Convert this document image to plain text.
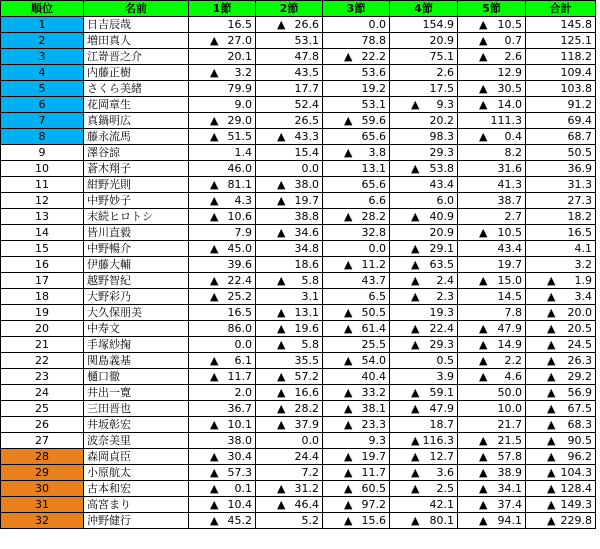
順位	名前	1節	2節	3節	4節	5節	合計
1	日吉辰哉	16.5	▲ 26.6	0.0	154.9	▲ 10.5	145.8
2	増田真人	▲ 27.0	53.1	78.8	20.9	▲ 0.7	125.1
3	江嵜晋之介	20.1	47.8	▲ 22.2	75.1	▲ 2.6	118.2
4	内藤正樹	▲ 3.2	43.5	53.6	2.6	12.9	109.4
5	さくら美緒	79.9	17.7	19.2	17.5	▲ 30.5	103.8
6	花岡章生	9.0	52.4	53.1	▲ 9.3	▲ 14.0	91.2
7	真鍋明広	▲ 29.0	26.5	▲ 59.6	20.2	111.3	69.4
8	藤永流馬	▲ 51.5	▲ 43.3	65.6	98.3	▲ 0.4	68.7
9	澤谷諒	1.4	15.4	▲ 3.8	29.3	8.2	50.5
10	蒼木翔子	46.0	0.0	13.1	▲ 53.8	31.6	36.9
11	紺野光則	▲ 81.1	▲ 38.0	65.6	43.4	41.3	31.3
12	中野妙子	▲ 4.3	▲ 19.7	6.6	6.0	38.7	27.3
13	末続ヒロトシ	▲ 10.6	38.8	▲ 28.2	▲ 40.9	2.7	18.2
14	皆川直毅	7.9	▲ 34.6	32.8	20.9	▲ 10.5	16.5
15	中野暢介	▲ 45.0	34.8	0.0	▲ 29.1	43.4	4.1
16	伊藤大輔	39.6	18.6	▲ 11.2	▲ 63.5	19.7	3.2
17	越野智紀	▲ 22.4	▲ 5.8	43.7	▲ 2.4	▲ 15.0	▲ 1.9
18	大野彩乃	▲ 25.2	3.1	6.5	▲ 2.3	14.5	▲ 3.4
19	大久保朋美	16.5	▲ 13.1	▲ 50.5	19.3	7.8	▲ 20.0
20	中寿文	86.0	▲ 19.6	▲ 61.4	▲ 22.4	▲ 47.9	▲ 20.5
21	手塚紗掬	0.0	▲ 5.8	25.5	▲ 29.3	▲ 14.9	▲ 24.5
22	関島義基	▲ 6.1	35.5	▲ 54.0	0.5	▲ 2.2	▲ 26.3
23	樋口徹	▲ 11.7	▲ 57.2	40.4	3.9	▲ 4.6	▲ 29.2
24	井出一寛	2.0	▲ 16.6	▲ 33.2	▲ 59.1	50.0	▲ 56.9
25	三田晋也	36.7	▲ 28.2	▲ 38.1	▲ 47.9	10.0	▲ 67.5
26	井坂彰宏	▲ 10.1	▲ 37.9	▲ 23.3	18.7	21.7	▲ 68.3
27	波奈美里	38.0	0.0	9.3	▲ 116.3	▲ 21.5	▲ 90.5
28	森岡貞臣	▲ 30.4	24.4	▲ 19.7	▲ 12.7	▲ 57.8	▲ 96.2
29	小原航太	▲ 57.3	7.2	▲ 11.7	▲ 3.6	▲ 38.9	▲ 104.3
30	古本和宏	▲ 0.1	▲ 31.2	▲ 60.5	▲ 2.5	▲ 34.1	▲ 128.4
31	高宮まり	▲ 10.4	▲ 46.4	▲ 97.2	42.1	▲ 37.4	▲ 149.3
32	沖野健行	▲ 45.2	5.2	▲ 15.6	▲ 80.1	▲ 94.1	▲ 229.8
